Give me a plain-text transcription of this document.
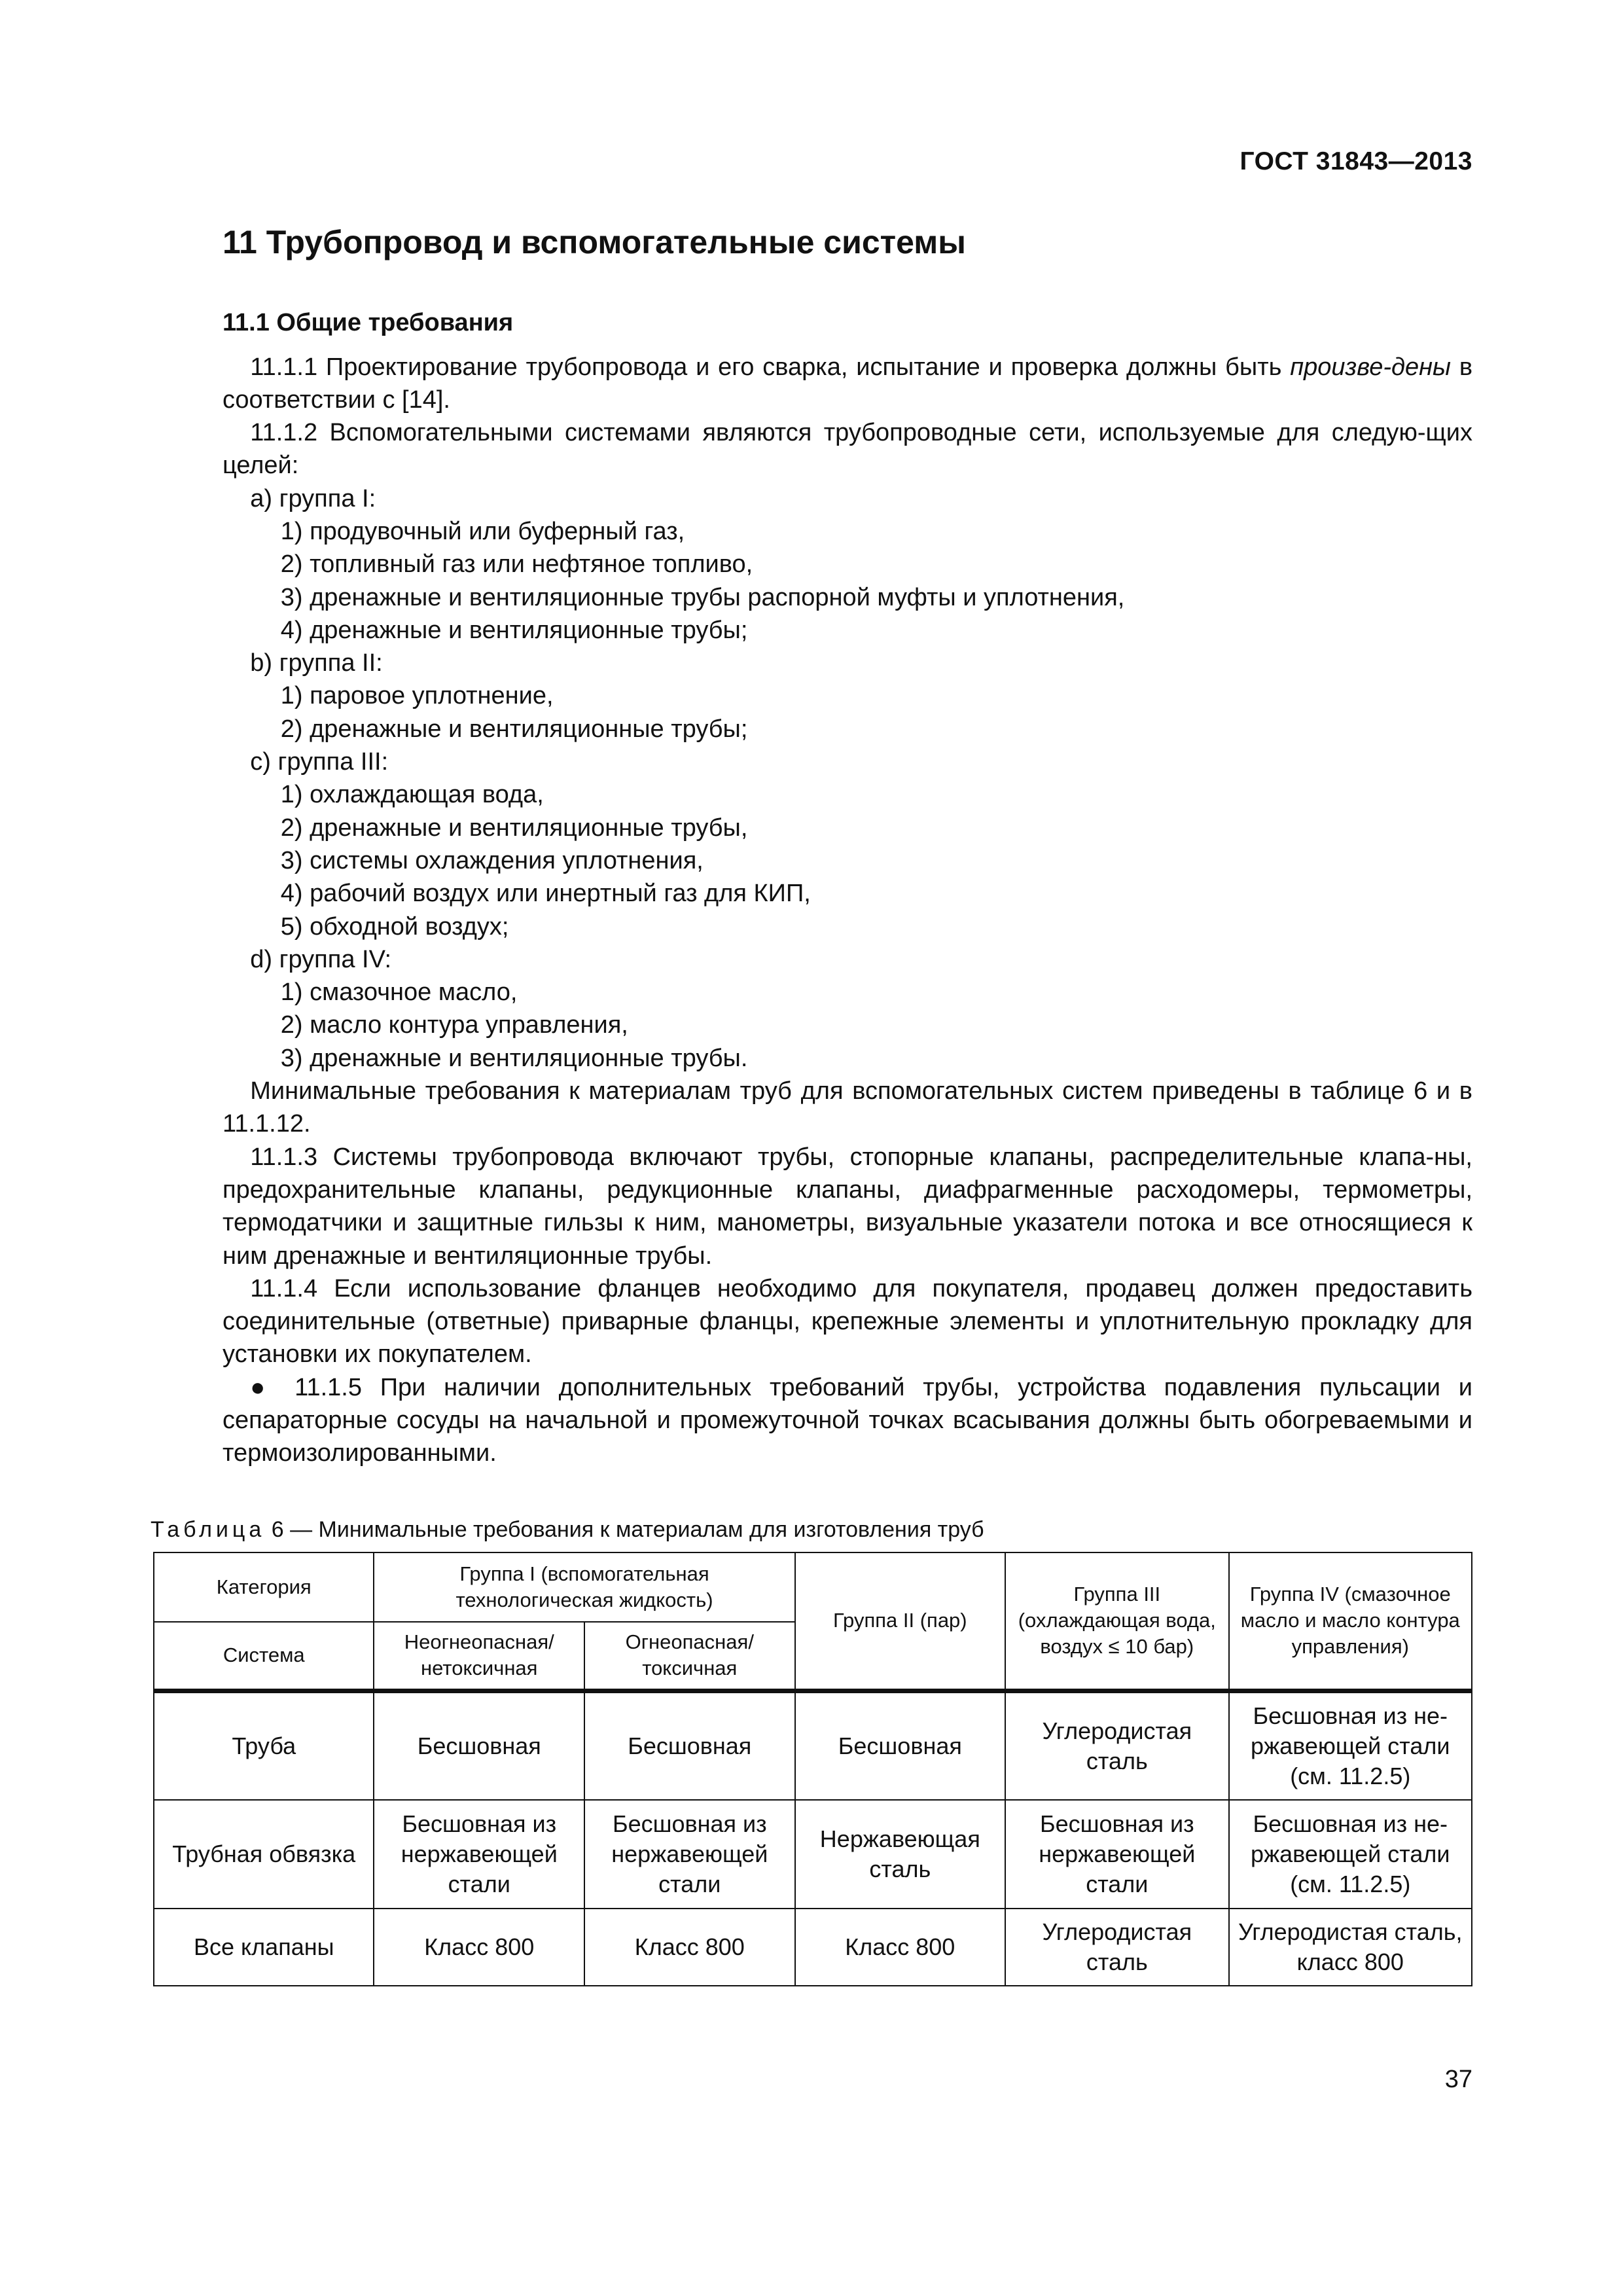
ГОСТ 31843—2013
11 Трубопровод и вспомогательные системы
11.1 Общие требования

11.1.1 Проектирование трубопровода и его сварка, испытание и проверка должны быть произве-дены в соответствии с [14].

11.1.2 Вспомогательными системами являются трубопроводные сети, используемые для следую-щих целей:

a) группа I:
1) продувочный или буферный газ,
2) топливный газ или нефтяное топливо,
3) дренажные и вентиляционные трубы распорной муфты и уплотнения,
4) дренажные и вентиляционные трубы;
b) группа II:
1) паровое уплотнение,
2) дренажные и вентиляционные трубы;
c) группа III:
1) охлаждающая вода,
2) дренажные и вентиляционные трубы,
3) системы охлаждения уплотнения,
4) рабочий воздух или инертный газ для КИП,
5) обходной воздух;
d) группа IV:
1) смазочное масло,
2) масло контура управления,
3) дренажные и вентиляционные трубы.

Минимальные требования к материалам труб для вспомогательных систем приведены в таблице 6 и в 11.1.12.

11.1.3 Системы трубопровода включают трубы, стопорные клапаны, распределительные клапа-ны, предохранительные клапаны, редукционные клапаны, диафрагменные расходомеры, термометры, термодатчики и защитные гильзы к ним, манометры, визуальные указатели потока и все относящиеся к ним дренажные и вентиляционные трубы.

11.1.4 Если использование фланцев необходимо для покупателя, продавец должен предоставить соединительные (ответные) приварные фланцы, крепежные элементы и уплотнительную прокладку для установки их покупателем.

● 11.1.5 При наличии дополнительных требований трубы, устройства подавления пульсации и сепараторные сосуды на начальной и промежуточной точках всасывания должны быть обогреваемыми и термоизолированными.

Таблица 6 — Минимальные требования к материалам для изготовления труб
Категория	Группа I (вспомогательная технологическая жидкость)		Группа II (пар)	Группа III (охлаждающая вода, воздух ≤ 10 бар)	Группа IV (смазочное масло и масло контура управления)
Система	Неогнеопасная/ нетоксичная	Огнеопасная/ токсичная			
Труба	Бесшовная	Бесшовная	Бесшовная	Углеродистая сталь	Бесшовная из не-ржавеющей стали (см. 11.2.5)
Трубная обвязка	Бесшовная из нержавеющей стали	Бесшовная из нержавеющей стали	Нержавеющая сталь	Бесшовная из нержавеющей стали	Бесшовная из не-ржавеющей стали (см. 11.2.5)
Все клапаны	Класс 800	Класс 800	Класс 800	Углеродистая сталь	Углеродистая сталь, класс 800
37
